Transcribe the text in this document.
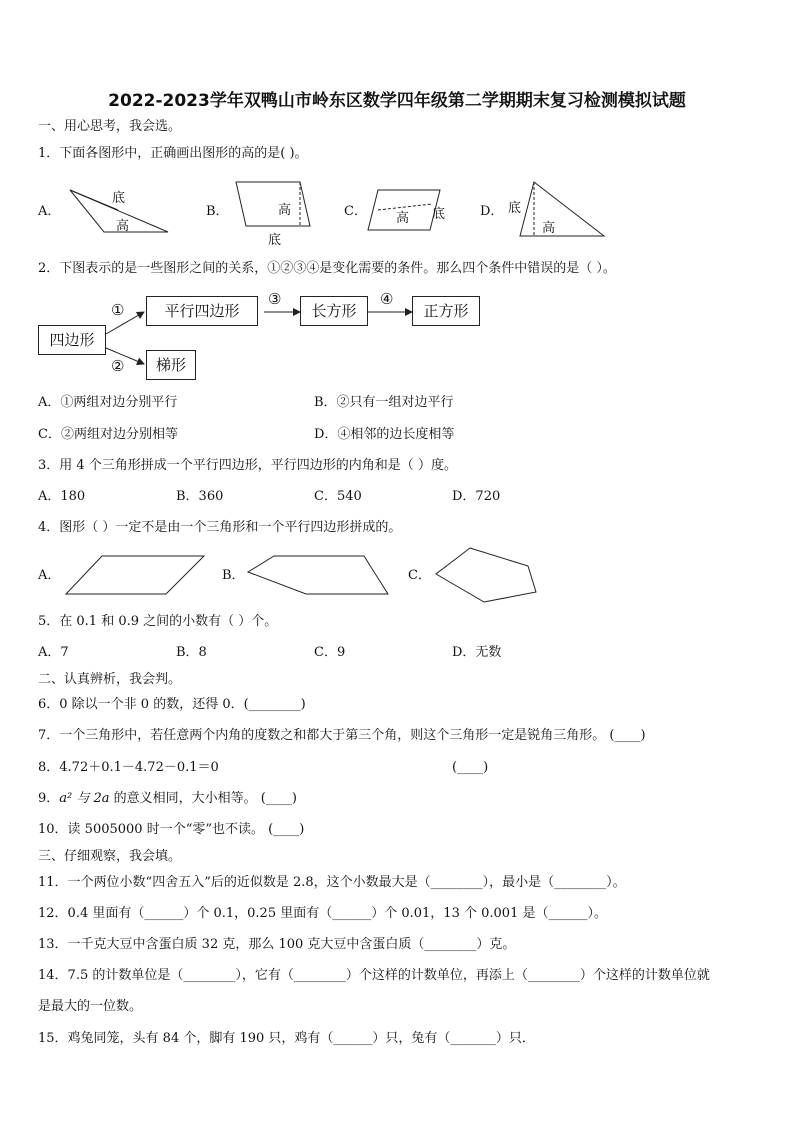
2022-2023学年双鸭山市岭东区数学四年级第二学期期末复习检测模拟试题
一、用心思考，我会选。
1．下面各图形中，正确画出图形的高的是( )。
A．
底
高
B．	高
底
C． 高 底	D． 底
高
2．下图表示的是一些图形之间的关系，①②③④是变化需要的条件。那么四个条件中错误的是（ ）。
四边形
平行四边形	长方形	正方形
梯形
①
②
③	④
A．①两组对边分别平行	B．②只有一组对边平行
C．②两组对边分别相等	D．④相邻的边长度相等
3．用 4 个三角形拼成一个平行四边形，平行四边形的内角和是（ ）度。
A．180	B．360	C．540	D．720
4．图形（ ）一定不是由一个三角形和一个平行四边形拼成的。
A．	B．	C．
5．在 0.1 和 0.9 之间的小数有（ ）个。
A．7	B．8	C．9	D．无数
二、认真辨析，我会判。
6．0 除以一个非 0 的数，还得 0．(________)
7．一个三角形中，若任意两个内角的度数之和都大于第三个角，则这个三角形一定是锐角三角形。 (____)
8．4.72＋0.1－4.72－0.1＝0	(____)
9．a² 与 2a 的意义相同，大小相等。 (____)
10．读 5005000 时一个“零”也不读。 (____)
三、仔细观察，我会填。
11．一个两位小数“四舍五入”后的近似数是 2.8，这个小数最大是（________），最小是（________）。
12．0.4 里面有（______）个 0.1，0.25 里面有（______）个 0.01，13 个 0.001 是（______）。
13．一千克大豆中含蛋白质 32 克，那么 100 克大豆中含蛋白质（________）克。
14．7.5 的计数单位是（________），它有（________）个这样的计数单位，再添上（________）个这样的计数单位就
是最大的一位数。
15．鸡兔同笼，头有 84 个，脚有 190 只，鸡有（______）只，兔有（_______）只．
